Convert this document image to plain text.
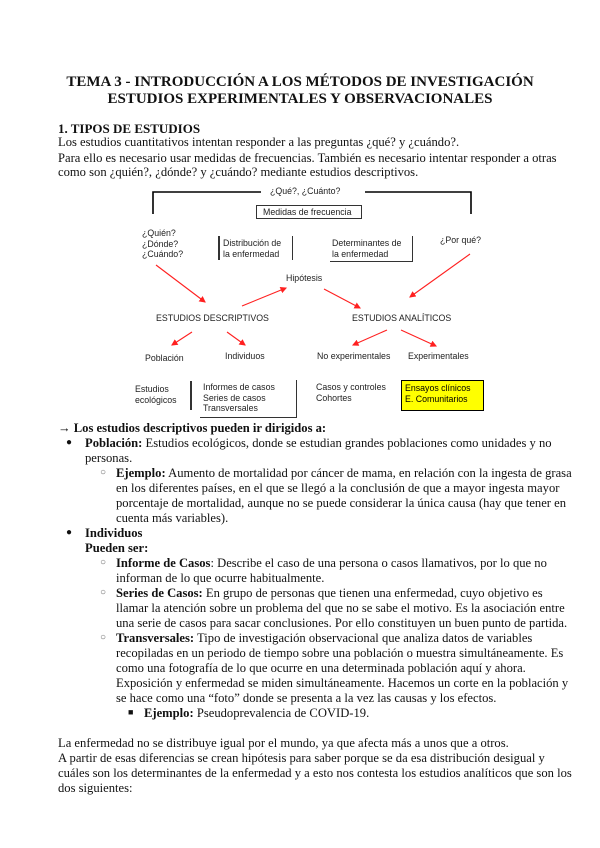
TEMA 3 - INTRODUCCIÓN A LOS MÉTODOS DE INVESTIGACIÓN
ESTUDIOS EXPERIMENTALES Y OBSERVACIONALES
1. TIPOS DE ESTUDIOS
Los estudios cuantitativos intentan responder a las preguntas ¿qué? y ¿cuándo?.
Para ello es necesario usar medidas de frecuencias. También es necesario intentar responder a otras
como son ¿quién?, ¿dónde? y ¿cuándo? mediante estudios descriptivos.
¿Qué?, ¿Cuánto?
Medidas de frecuencia
¿Quién?
¿Dónde?
¿Cuándo?
Distribución de
la enfermedad
Determinantes de
la enfermedad
¿Por qué?
Hipótesis
ESTUDIOS DESCRIPTIVOS	ESTUDIOS ANALÍTICOS
Población	Individuos	No experimentales Experimentales
Estudios
ecológicos
Informes de casos
Series de casos
Transversales
Casos y controles
Cohortes
Ensayos clínicos
E. Comunitarios
→ Los estudios descriptivos pueden ir dirigidos a:
● Población: Estudios ecológicos, donde se estudian grandes poblaciones como unidades y no
personas.
○ Ejemplo: Aumento de mortalidad por cáncer de mama, en relación con la ingesta de grasa
en los diferentes países, en el que se llegó a la conclusión de que a mayor ingesta mayor
porcentaje de mortalidad, aunque no se puede considerar la única causa (hay que tener en
cuenta más variables).
● Individuos
Pueden ser:
○ Informe de Casos: Describe el caso de una persona o casos llamativos, por lo que no
informan de lo que ocurre habitualmente.
○ Series de Casos: En grupo de personas que tienen una enfermedad, cuyo objetivo es
llamar la atención sobre un problema del que no se sabe el motivo. Es la asociación entre
una serie de casos para sacar conclusiones. Por ello constituyen un buen punto de partida.
○ Transversales: Tipo de investigación observacional que analiza datos de variables
recopiladas en un periodo de tiempo sobre una población o muestra simultáneamente. Es
como una fotografía de lo que ocurre en una determinada población aquí y ahora.
Exposición y enfermedad se miden simultáneamente. Hacemos un corte en la población y
se hace como una “foto” donde se presenta a la vez las causas y los efectos.
■ Ejemplo: Pseudoprevalencia de COVID-19.
La enfermedad no se distribuye igual por el mundo, ya que afecta más a unos que a otros.
A partir de esas diferencias se crean hipótesis para saber porque se da esa distribución desigual y
cuáles son los determinantes de la enfermedad y a esto nos contesta los estudios analíticos que son los
dos siguientes:
